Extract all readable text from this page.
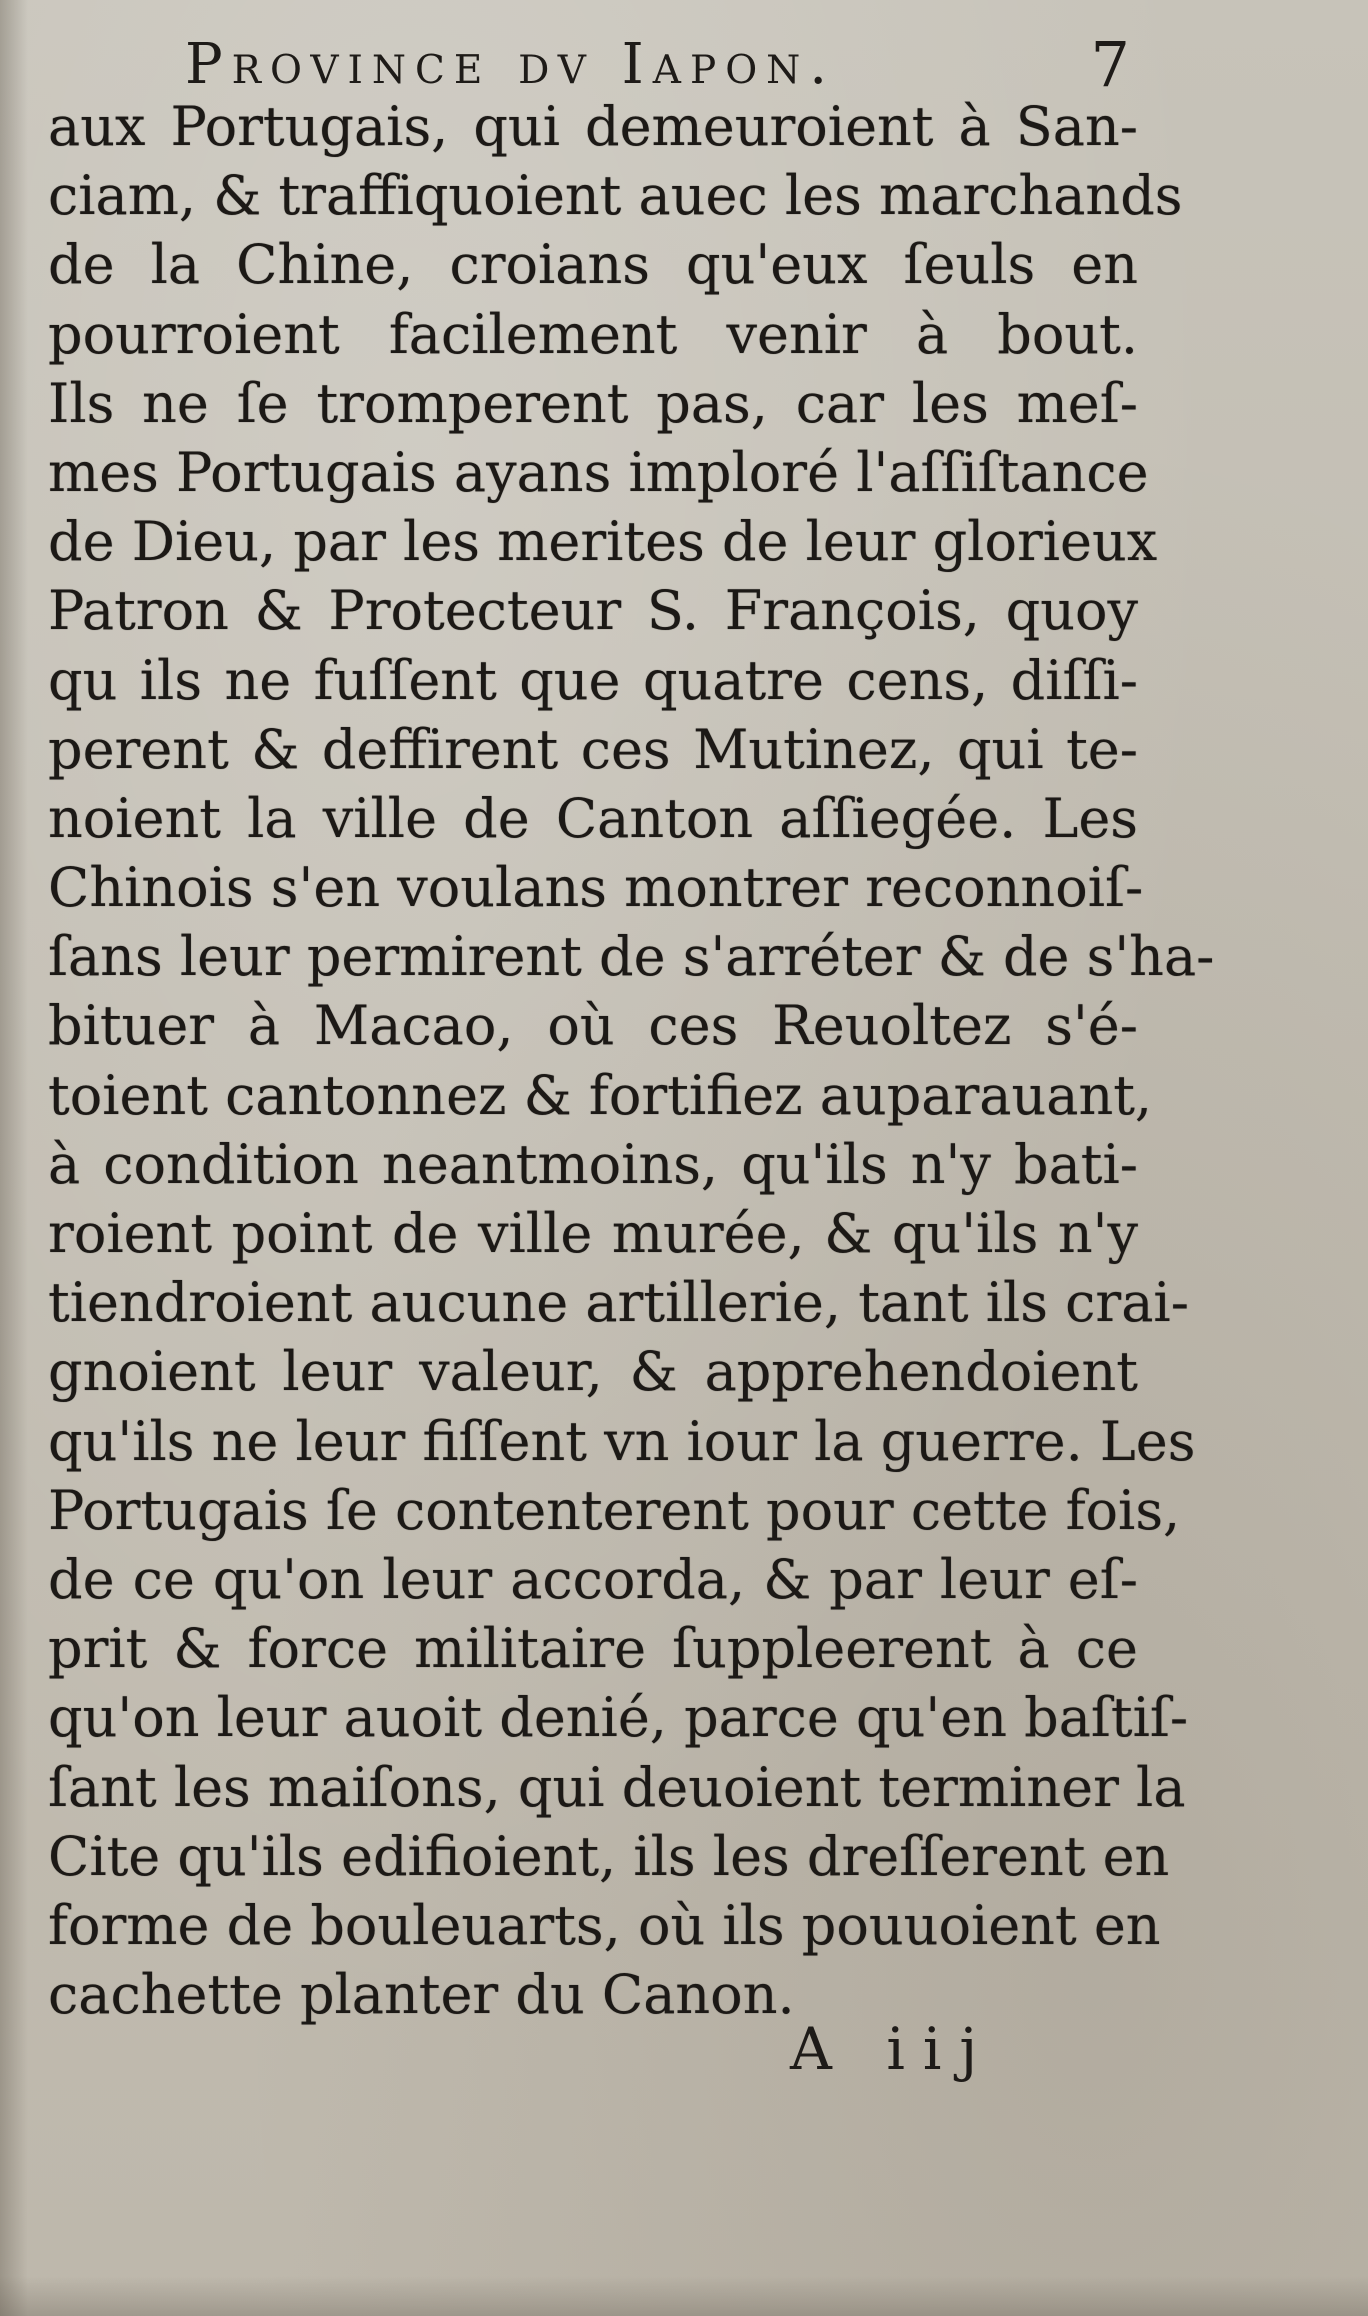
Province dv Iapon.	7
aux Portugais, qui demeuroient à San-
ciam, & traffiquoient auec les marchands
de la Chine, croians qu'eux ſeuls en
pourroient facilement venir à bout.
Ils ne ſe tromperent pas, car les meſ-
mes Portugais ayans imploré l'aſſiſtance
de Dieu, par les merites de leur glorieux
Patron & Protecteur S. François, quoy
qu ils ne fuſſent que quatre cens, diſſi-
perent & deffirent ces Mutinez, qui te-
noient la ville de Canton aſſiegée. Les
Chinois s'en voulans montrer reconnoiſ-
ſans leur permirent de s'arréter & de s'ha-
bituer à Macao, où ces Reuoltez s'é-
toient cantonnez & fortifiez auparauant,
à condition neantmoins, qu'ils n'y bati-
roient point de ville murée, & qu'ils n'y
tiendroient aucune artillerie, tant ils crai-
gnoient leur valeur, & apprehendoient
qu'ils ne leur fiſſent vn iour la guerre. Les
Portugais ſe contenterent pour cette fois,
de ce qu'on leur accorda, & par leur eſ-
prit & force militaire ſuppleerent à ce
qu'on leur auoit denié, parce qu'en baſtiſ-
ſant les maiſons, qui deuoient terminer la
Cite qu'ils edifioient, ils les dreſſerent en
forme de bouleuarts, où ils pouuoient en
cachette planter du Canon.
A iij
